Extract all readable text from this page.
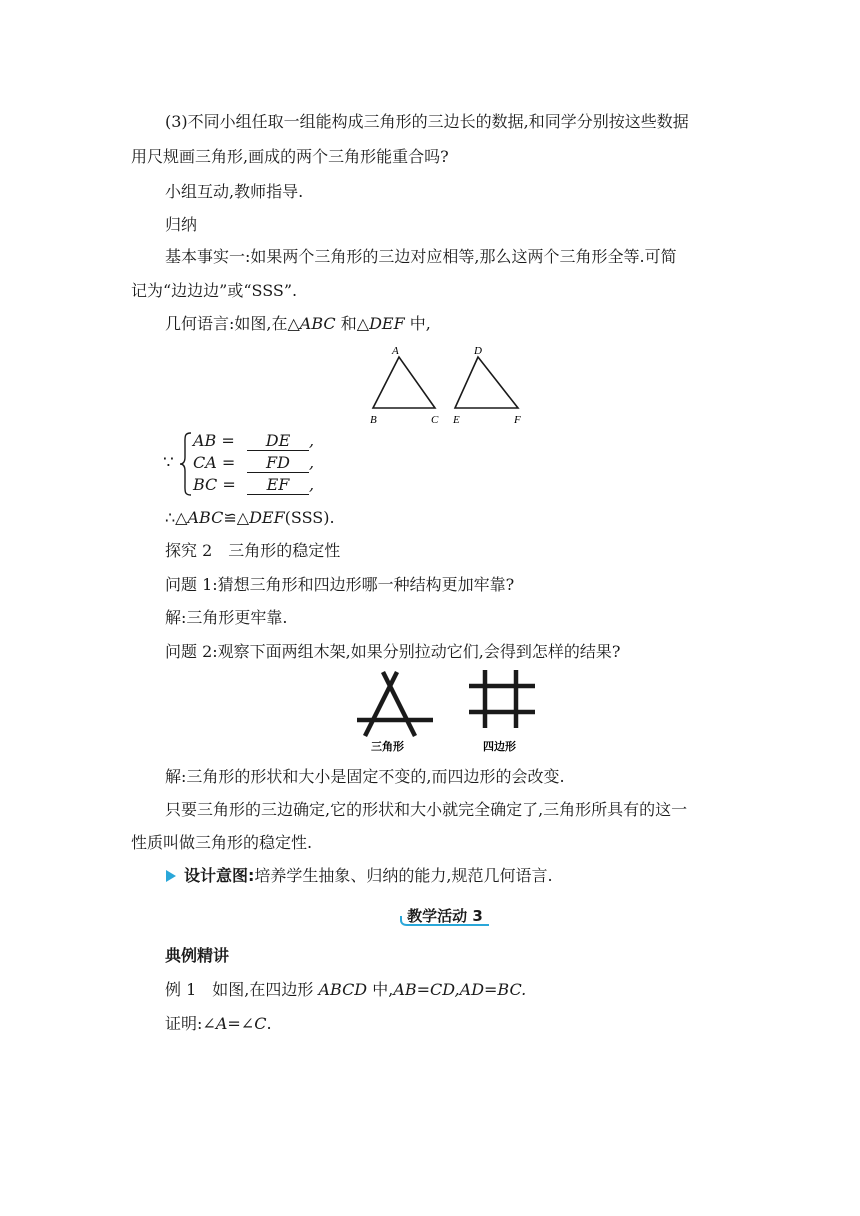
(3)不同小组任取一组能构成三角形的三边长的数据,和同学分别按这些数据
用尺规画三角形,画成的两个三角形能重合吗?
小组互动,教师指导.
归纳
基本事实一:如果两个三角形的三边对应相等,那么这两个三角形全等.可简
记为“边边边”或“SSS”.
几何语言:如图,在△ABC 和△DEF 中,
A
B	C
D
E	F
∵
AB = DE ,
CA = FD ,
BC = EF ,
∴△ABC≌△DEF(SSS).
探究 2　三角形的稳定性
问题 1:猜想三角形和四边形哪一种结构更加牢靠?
解:三角形更牢靠.
问题 2:观察下面两组木架,如果分别拉动它们,会得到怎样的结果?
三角形	四边形
解:三角形的形状和大小是固定不变的,而四边形的会改变.
只要三角形的三边确定,它的形状和大小就完全确定了,三角形所具有的这一
性质叫做三角形的稳定性.
设计意图:培养学生抽象、归纳的能力,规范几何语言.
教学活动 3
典例精讲
例 1　如图,在四边形 ABCD 中,AB=CD,AD=BC.
证明:∠A=∠C.
